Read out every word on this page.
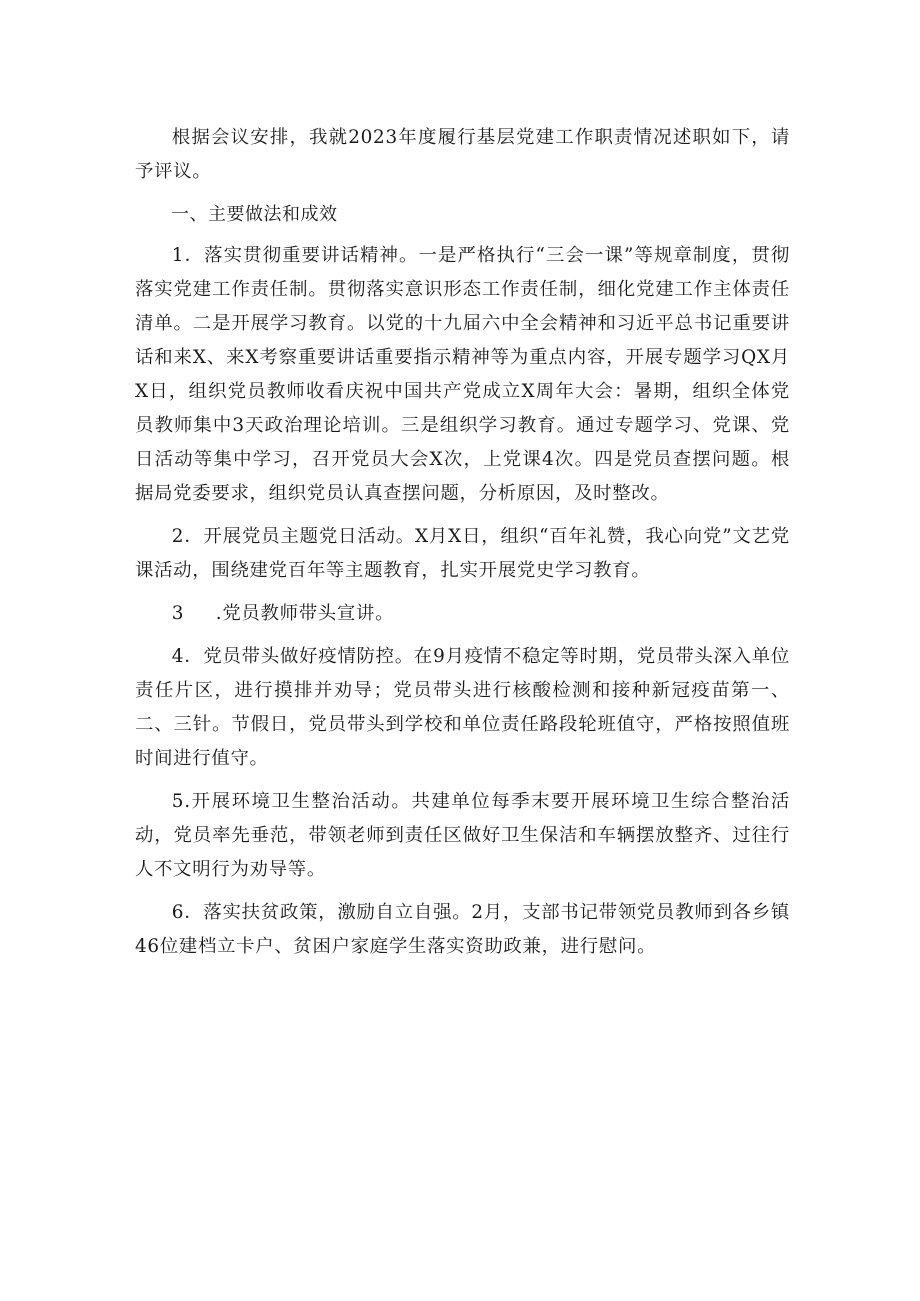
根据会议安排，我就2023年度履行基层党建工作职责情况述职如下，请予评议。

一、主要做法和成效

1．落实贯彻重要讲话精神。一是严格执行“三会一课”等规章制度，贯彻落实党建工作责任制。贯彻落实意识形态工作责任制，细化党建工作主体责任清单。二是开展学习教育。以党的十九届六中全会精神和习近平总书记重要讲话和来X、来X考察重要讲话重要指示精神等为重点内容，开展专题学习QX月X日，组织党员教师收看庆祝中国共产党成立X周年大会：暑期，组织全体党员教师集中3天政治理论培训。三是组织学习教育。通过专题学习、党课、党日活动等集中学习，召开党员大会X次，上党课4次。四是党员查摆问题。根据局党委要求，组织党员认真查摆问题，分析原因，及时整改。

2．开展党员主题党日活动。X月X日，组织“百年礼赞，我心向党”文艺党课活动，围绕建党百年等主题教育，扎实开展党史学习教育。

3 .党员教师带头宣讲。

4．党员带头做好疫情防控。在9月疫情不稳定等时期，党员带头深入单位责任片区，进行摸排并劝导；党员带头进行核酸检测和接种新冠疫苗第一、二、三针。节假日，党员带头到学校和单位责任路段轮班值守，严格按照值班时间进行值守。

5.开展环境卫生整治活动。共建单位每季末要开展环境卫生综合整治活动，党员率先垂范，带领老师到责任区做好卫生保洁和车辆摆放整齐、过往行人不文明行为劝导等。

6．落实扶贫政策，激励自立自强。2月，支部书记带领党员教师到各乡镇46位建档立卡户、贫困户家庭学生落实资助政兼，进行慰问。
